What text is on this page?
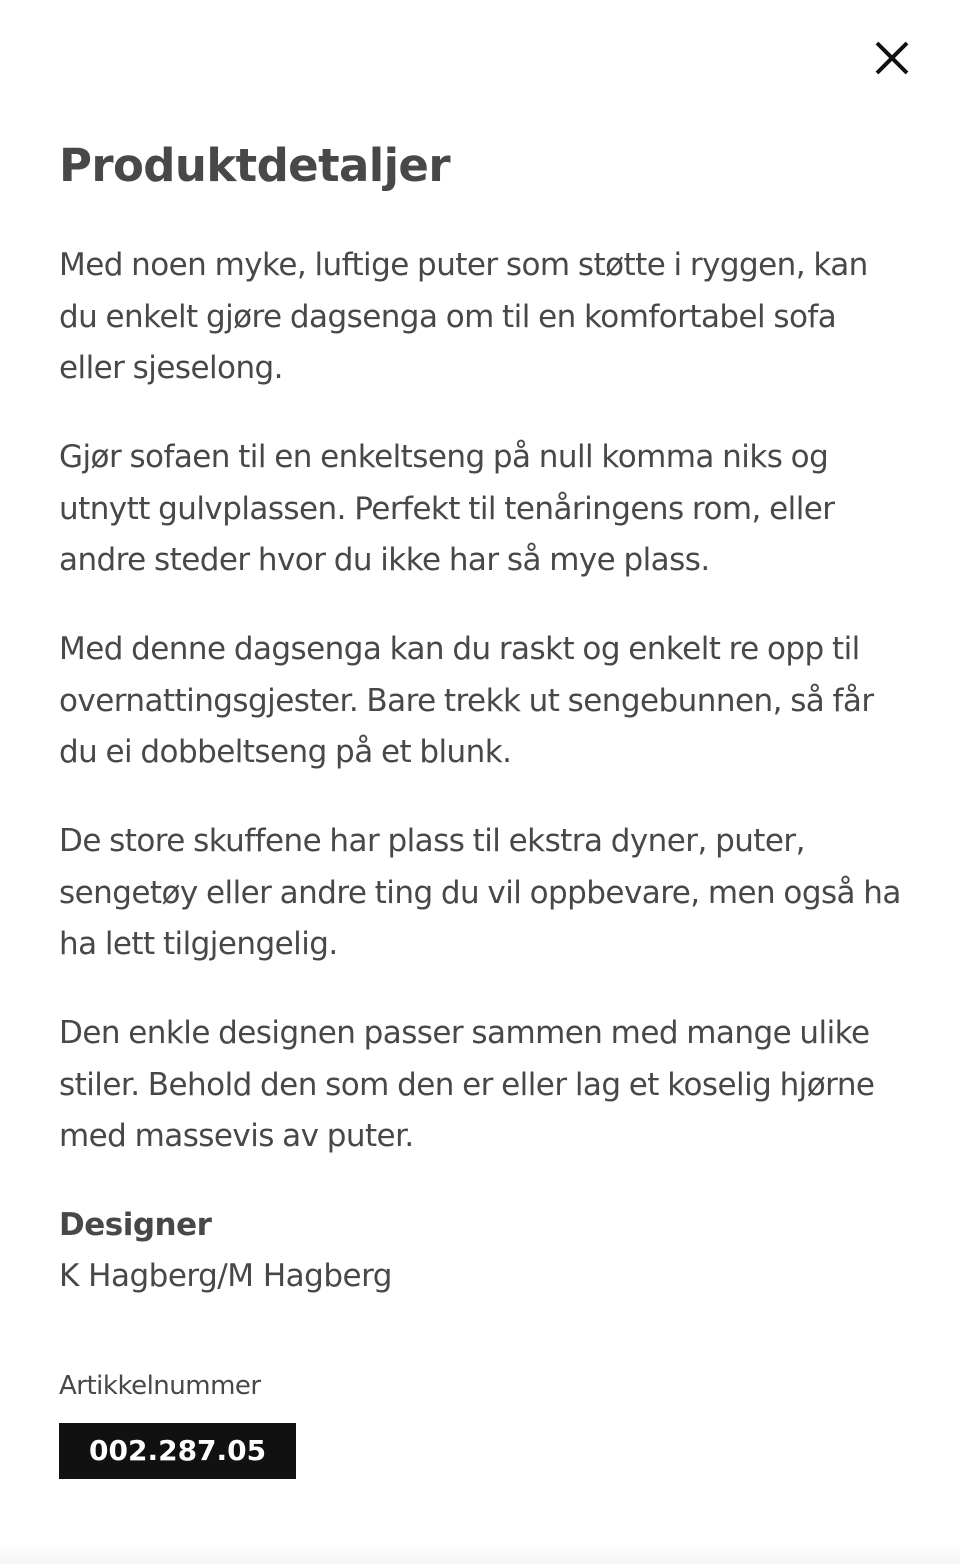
Produktdetaljer

Med noen myke, luftige puter som støtte i ryggen, kan du enkelt gjøre dagsenga om til en komfortabel sofa eller sjeselong.

Gjør sofaen til en enkeltseng på null komma niks og utnytt gulvplassen. Perfekt til tenåringens rom, eller andre steder hvor du ikke har så mye plass.

Med denne dagsenga kan du raskt og enkelt re opp til overnattingsgjester. Bare trekk ut sengebunnen, så får du ei dobbeltseng på et blunk.

De store skuffene har plass til ekstra dyner, puter, sengetøy eller andre ting du vil oppbevare, men også ha ha lett tilgjengelig.

Den enkle designen passer sammen med mange ulike stiler. Behold den som den er eller lag et koselig hjørne med massevis av puter.

Designer

K Hagberg/M Hagberg

Artikkelnummer

002.287.05
